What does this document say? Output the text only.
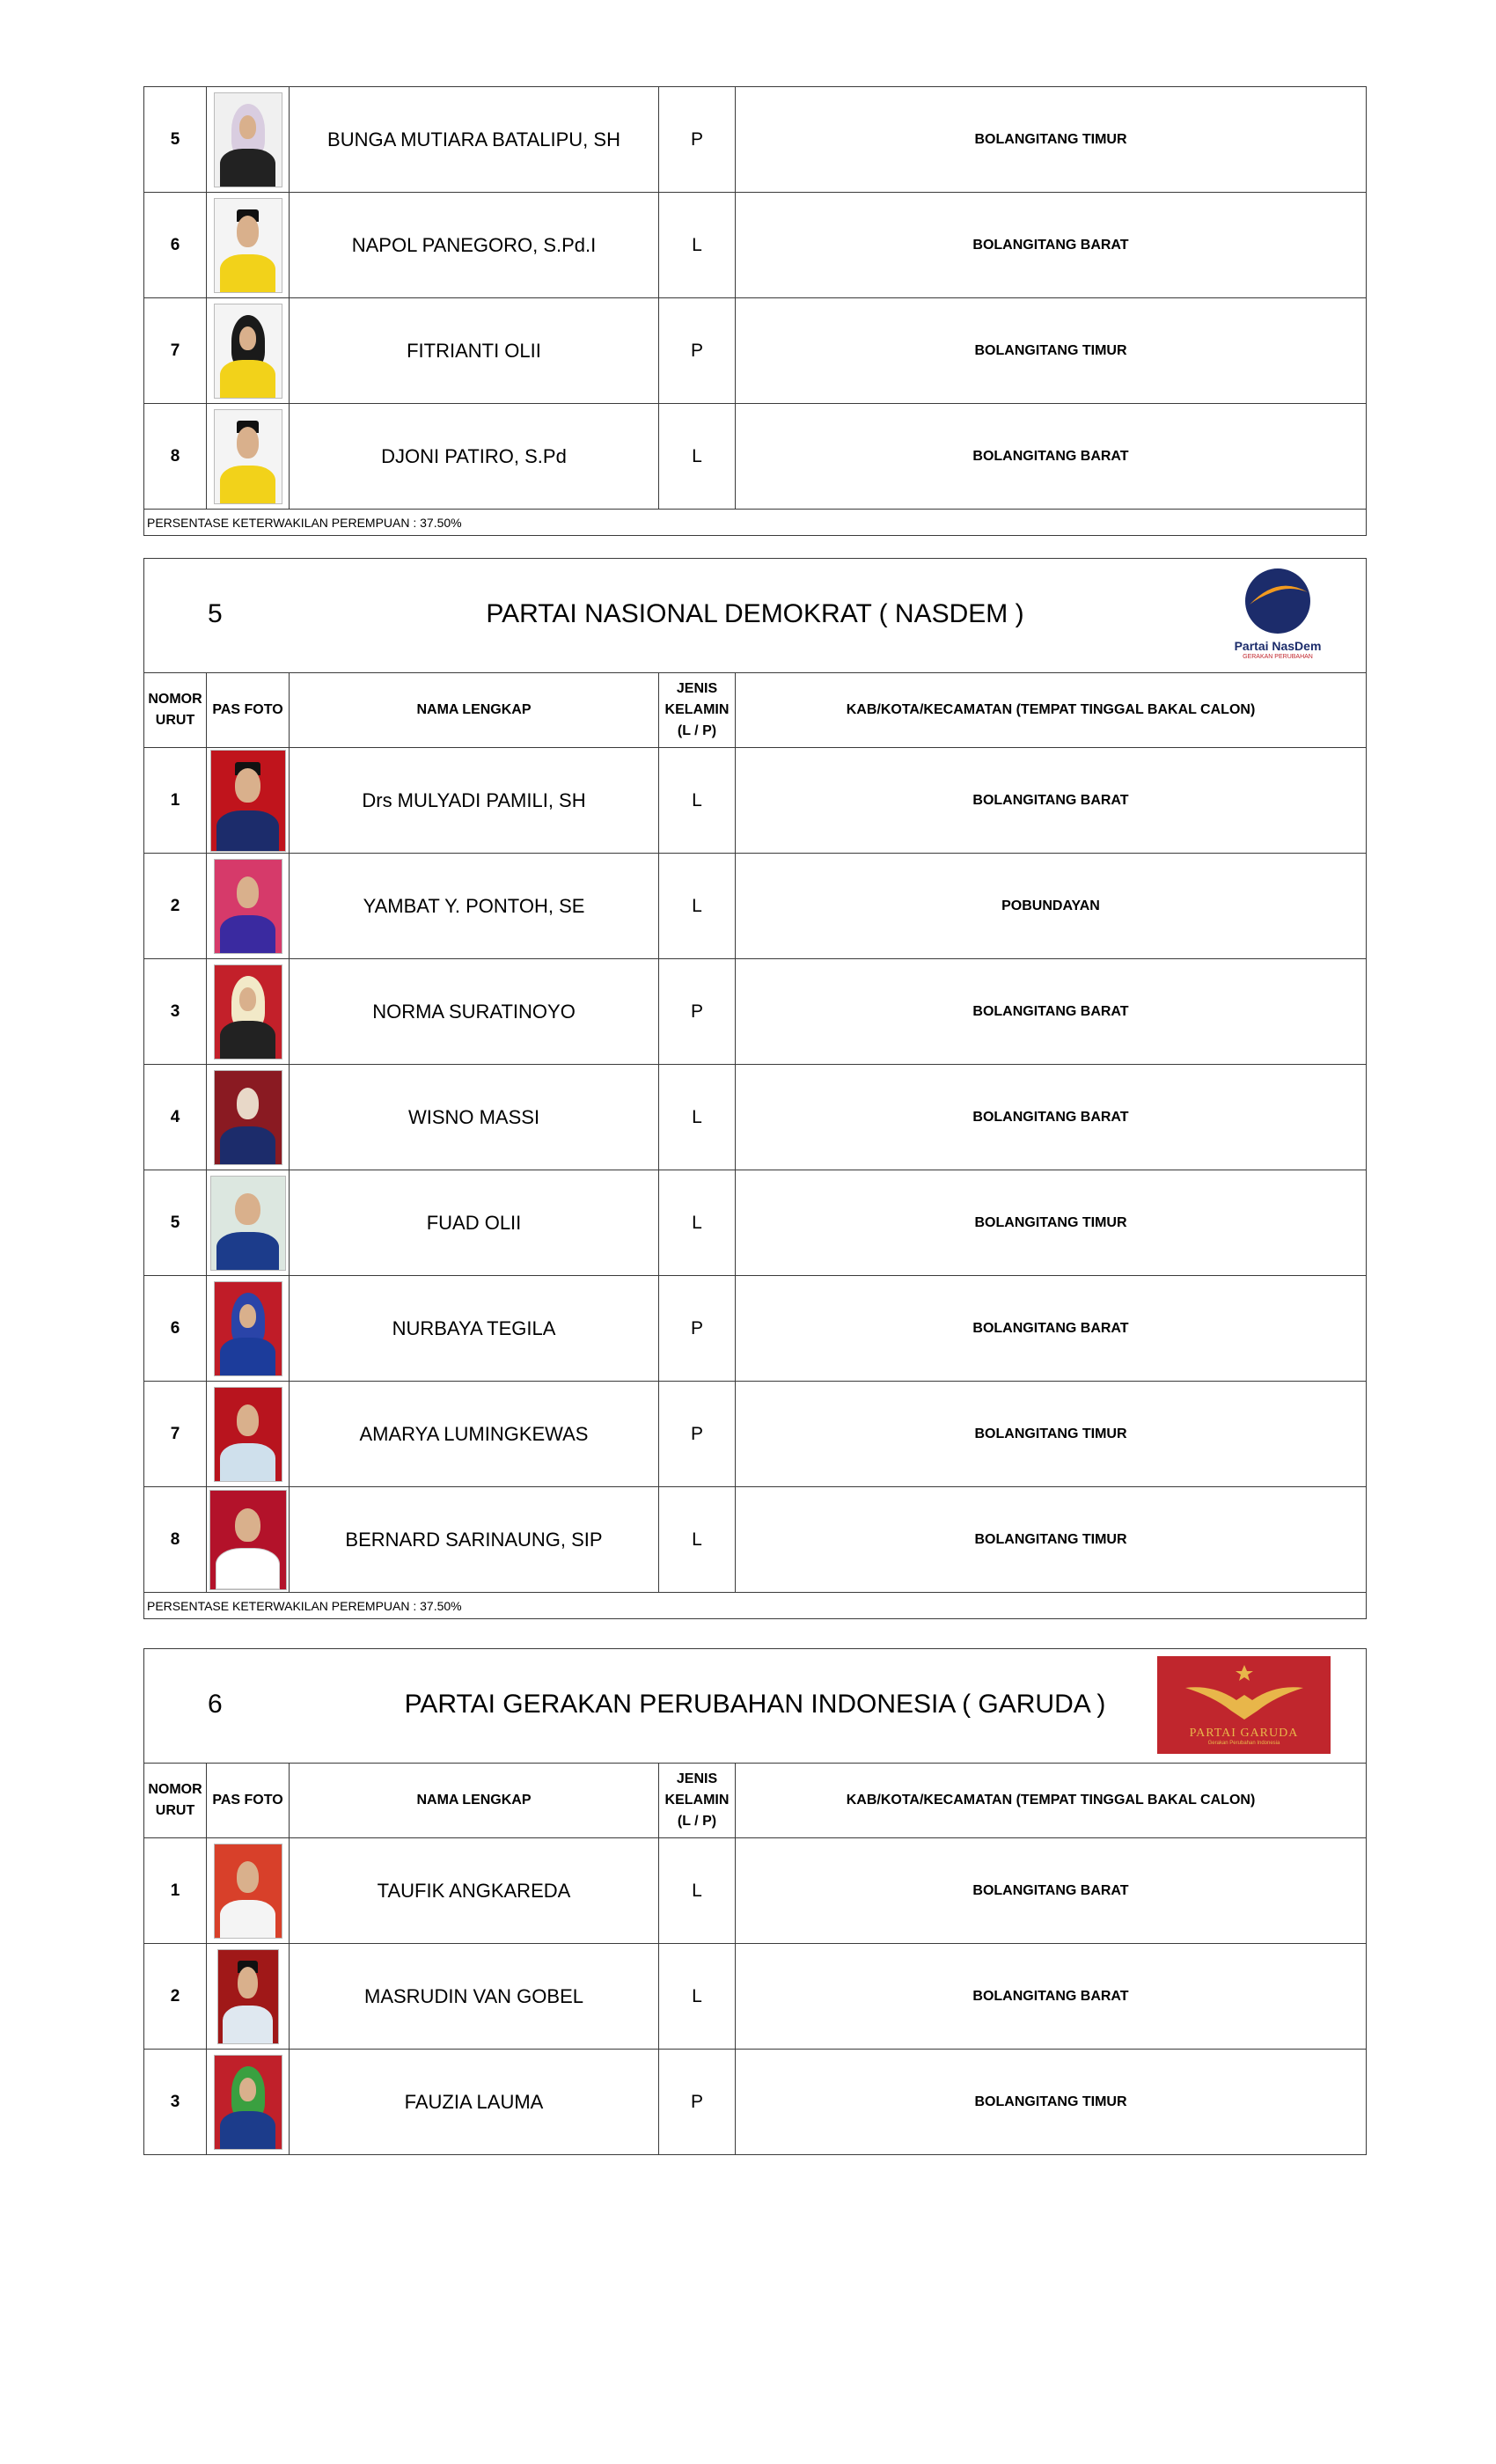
5		BUNGA MUTIARA BATALIPU, SH	P	BOLANGITANG TIMUR
6		NAPOL PANEGORO, S.Pd.I	L	BOLANGITANG BARAT
7		FITRIANTI OLII	P	BOLANGITANG TIMUR
8		DJONI PATIRO, S.Pd	L	BOLANGITANG BARAT
PERSENTASE KETERWAKILAN PEREMPUAN : 37.50%				
5 PARTAI NASIONAL DEMOKRAT ( NASDEM )
Partai NasDem
GERAKAN PERUBAHAN				

NOMOR URUT	PAS FOTO	NAMA LENGKAP	JENIS KELAMIN (L / P)	KAB/KOTA/KECAMATAN (TEMPAT TINGGAL BAKAL CALON)
1		Drs MULYADI PAMILI, SH	L	BOLANGITANG BARAT
2		YAMBAT Y. PONTOH, SE	L	POBUNDAYAN
3		NORMA SURATINOYO	P	BOLANGITANG BARAT
4		WISNO MASSI	L	BOLANGITANG BARAT
5		FUAD OLII	L	BOLANGITANG TIMUR
6		NURBAYA TEGILA	P	BOLANGITANG BARAT
7		AMARYA LUMINGKEWAS	P	BOLANGITANG TIMUR
8		BERNARD SARINAUNG, SIP	L	BOLANGITANG TIMUR
PERSENTASE KETERWAKILAN PEREMPUAN : 37.50%				
6 PARTAI GERAKAN PERUBAHAN INDONESIA ( GARUDA )
PARTAI GARUDA
Gerakan Perubahan Indonesia				

NOMOR URUT	PAS FOTO	NAMA LENGKAP	JENIS KELAMIN (L / P)	KAB/KOTA/KECAMATAN (TEMPAT TINGGAL BAKAL CALON)
1		TAUFIK ANGKAREDA	L	BOLANGITANG BARAT
2		MASRUDIN VAN GOBEL	L	BOLANGITANG BARAT
3		FAUZIA LAUMA	P	BOLANGITANG TIMUR
